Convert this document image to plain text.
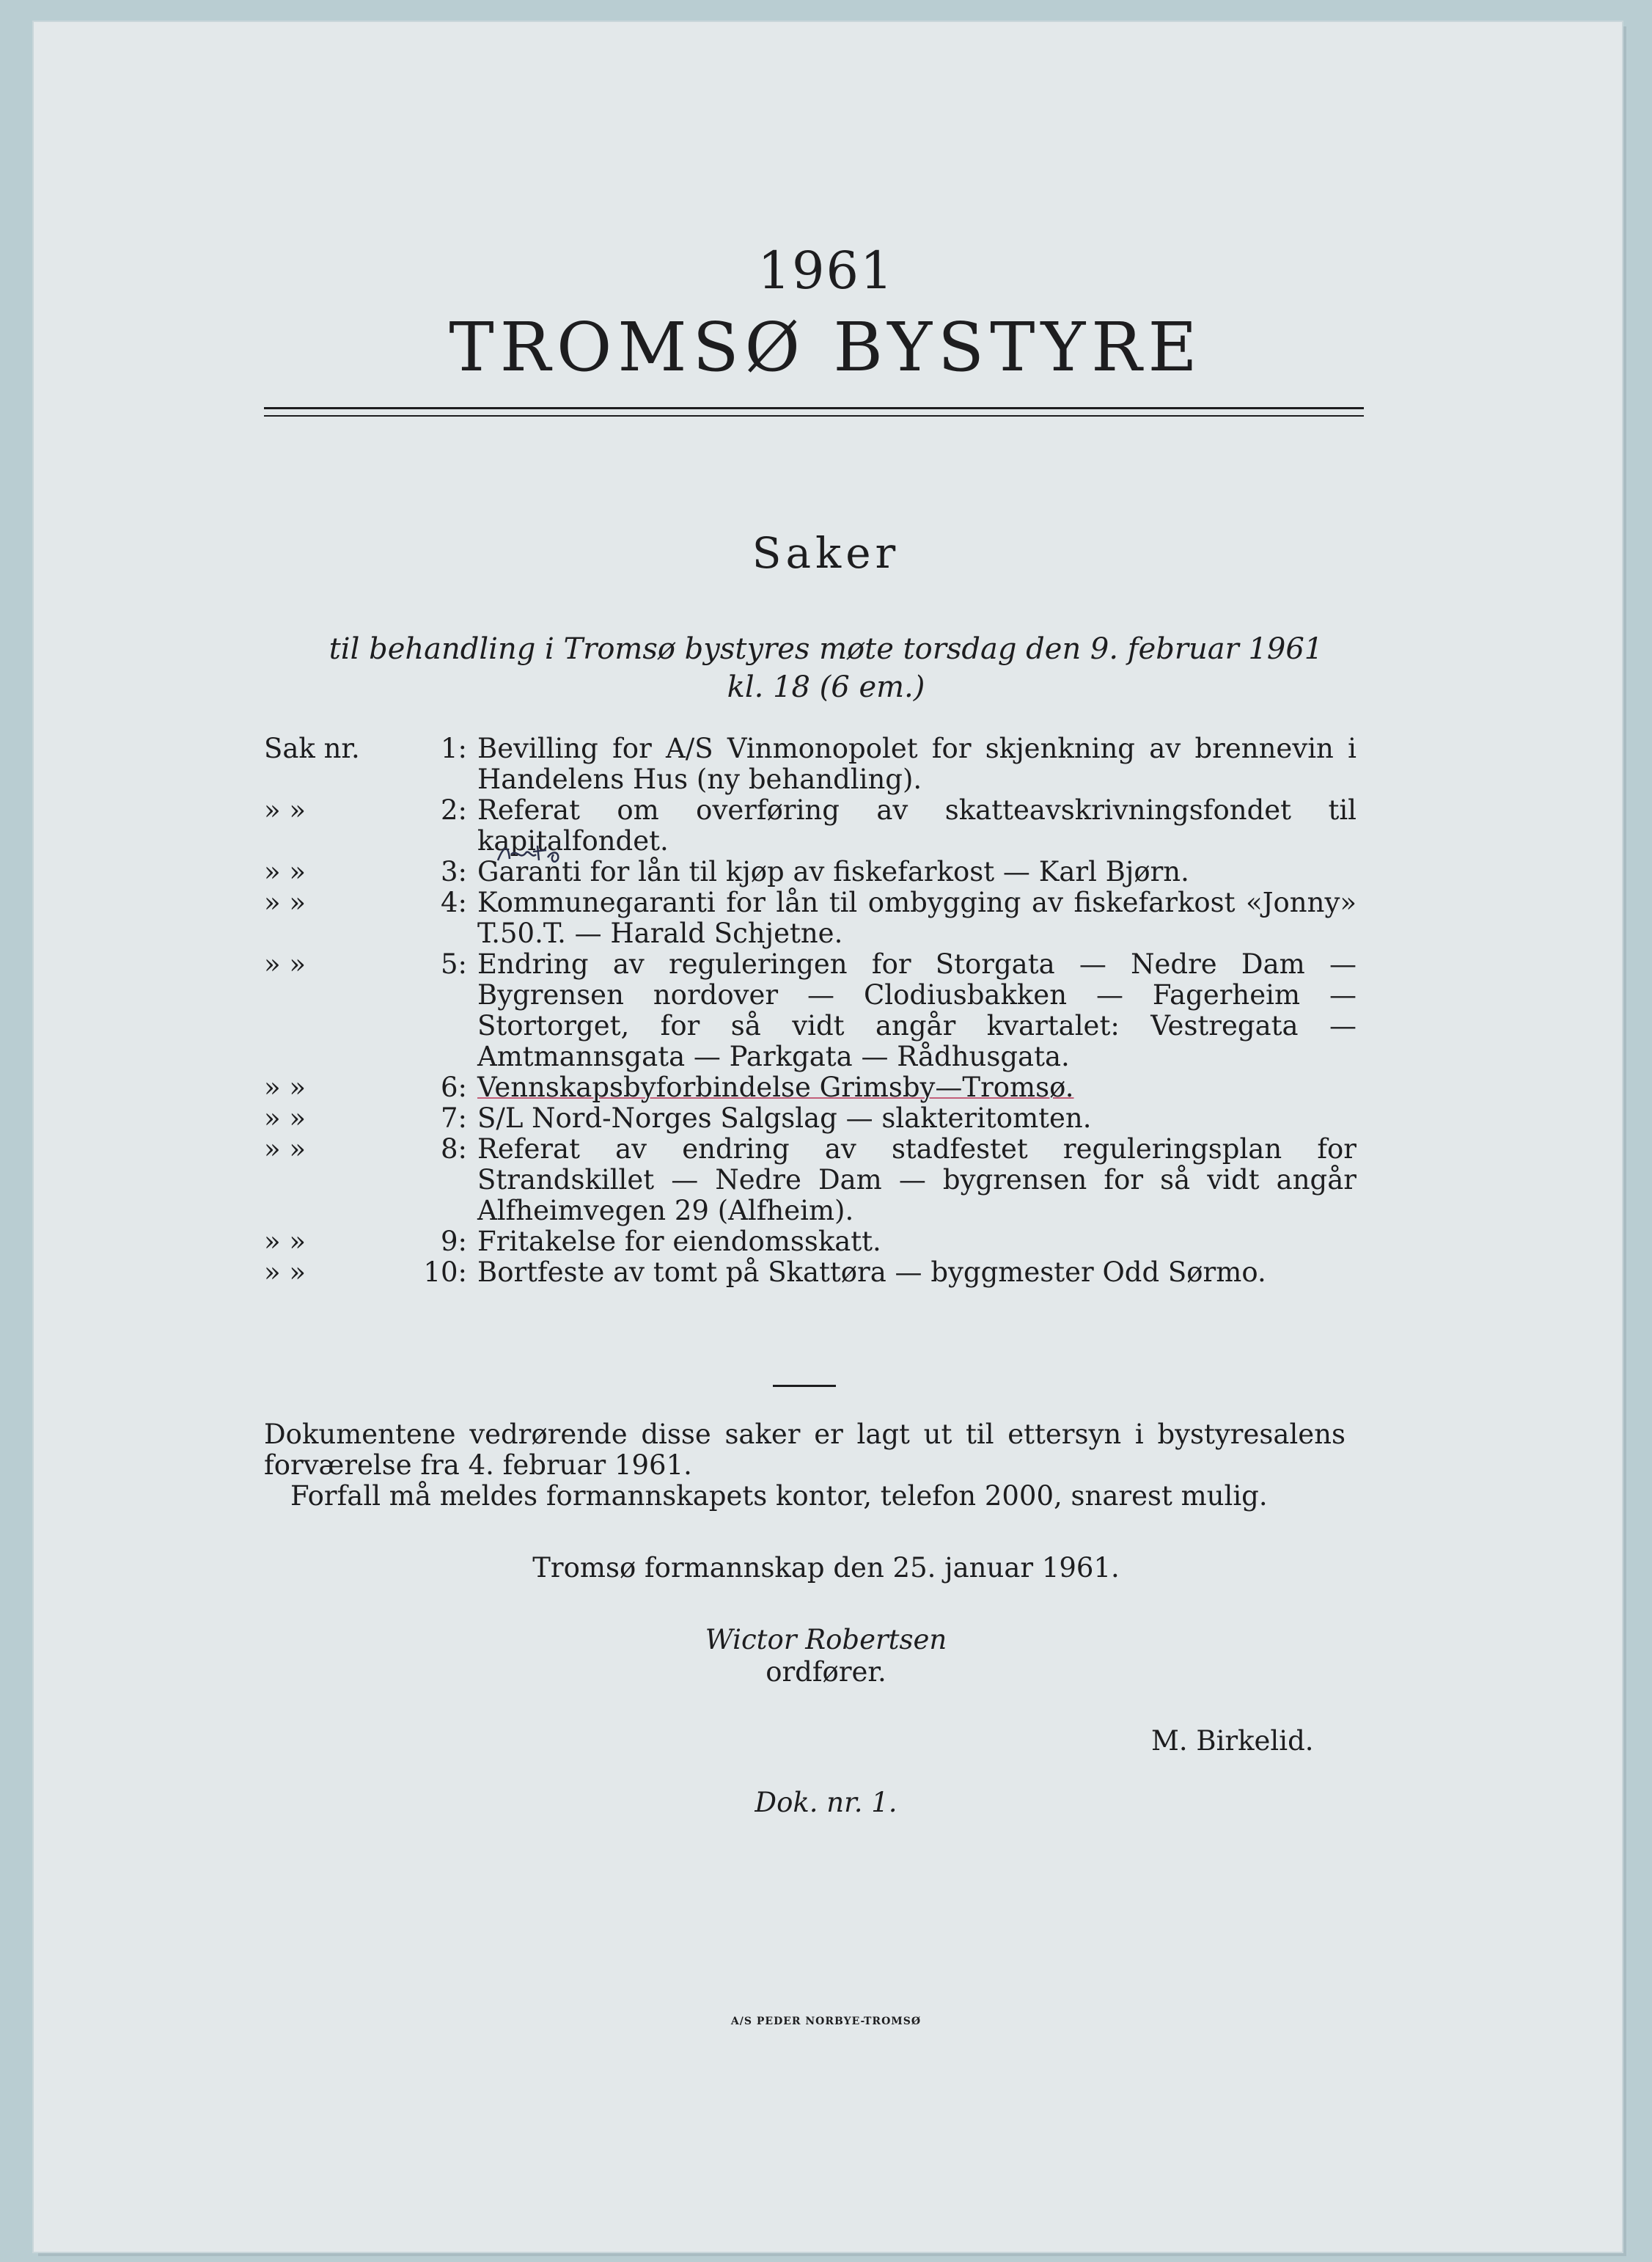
1961
TROMSØ BYSTYRE
Saker
til behandling i Tromsø bystyres møte torsdag den 9. februar 1961
kl. 18 (6 em.)
Sak nr.	1: Bevilling for A/S Vinmonopolet for skjenkning av brennevin i Handelens Hus (ny behandling).
» »	2: Referat om overføring av skatteavskrivningsfondet til kapitalfondet.
» »	3: Garanti for lån til kjøp av fiskefarkost — Karl Bjørn.
» »	4: Kommunegaranti for lån til ombygging av fiskefarkost «Jonny» T.50.T. — Harald Schjetne.
» »	5: Endring av reguleringen for Storgata — Nedre Dam — Bygrensen nordover — Clodiusbakken — Fagerheim — Stortorget, for så vidt angår kvartalet: Vestregata — Amtmannsgata — Parkgata — Rådhusgata.
» »	6: Vennskapsbyforbindelse Grimsby—Tromsø.
» »	7: S/L Nord-Norges Salgslag — slakteritomten.
» »	8: Referat av endring av stadfestet reguleringsplan for Strandskillet — Nedre Dam — bygrensen for så vidt angår Alfheimvegen 29 (Alfheim).
» »	9: Fritakelse for eiendomsskatt.
» »	10: Bortfeste av tomt på Skattøra — byggmester Odd Sørmo.

Dokumentene vedrørende disse saker er lagt ut til ettersyn i bystyresalens forværelse fra 4. februar 1961.

Forfall må meldes formannskapets kontor, telefon 2000, snarest mulig.

Tromsø formannskap den 25. januar 1961.
Wictor Robertsen
ordfører.
M. Birkelid.
Dok. nr. 1.
A/S PEDER NORBYE-TROMSØ
